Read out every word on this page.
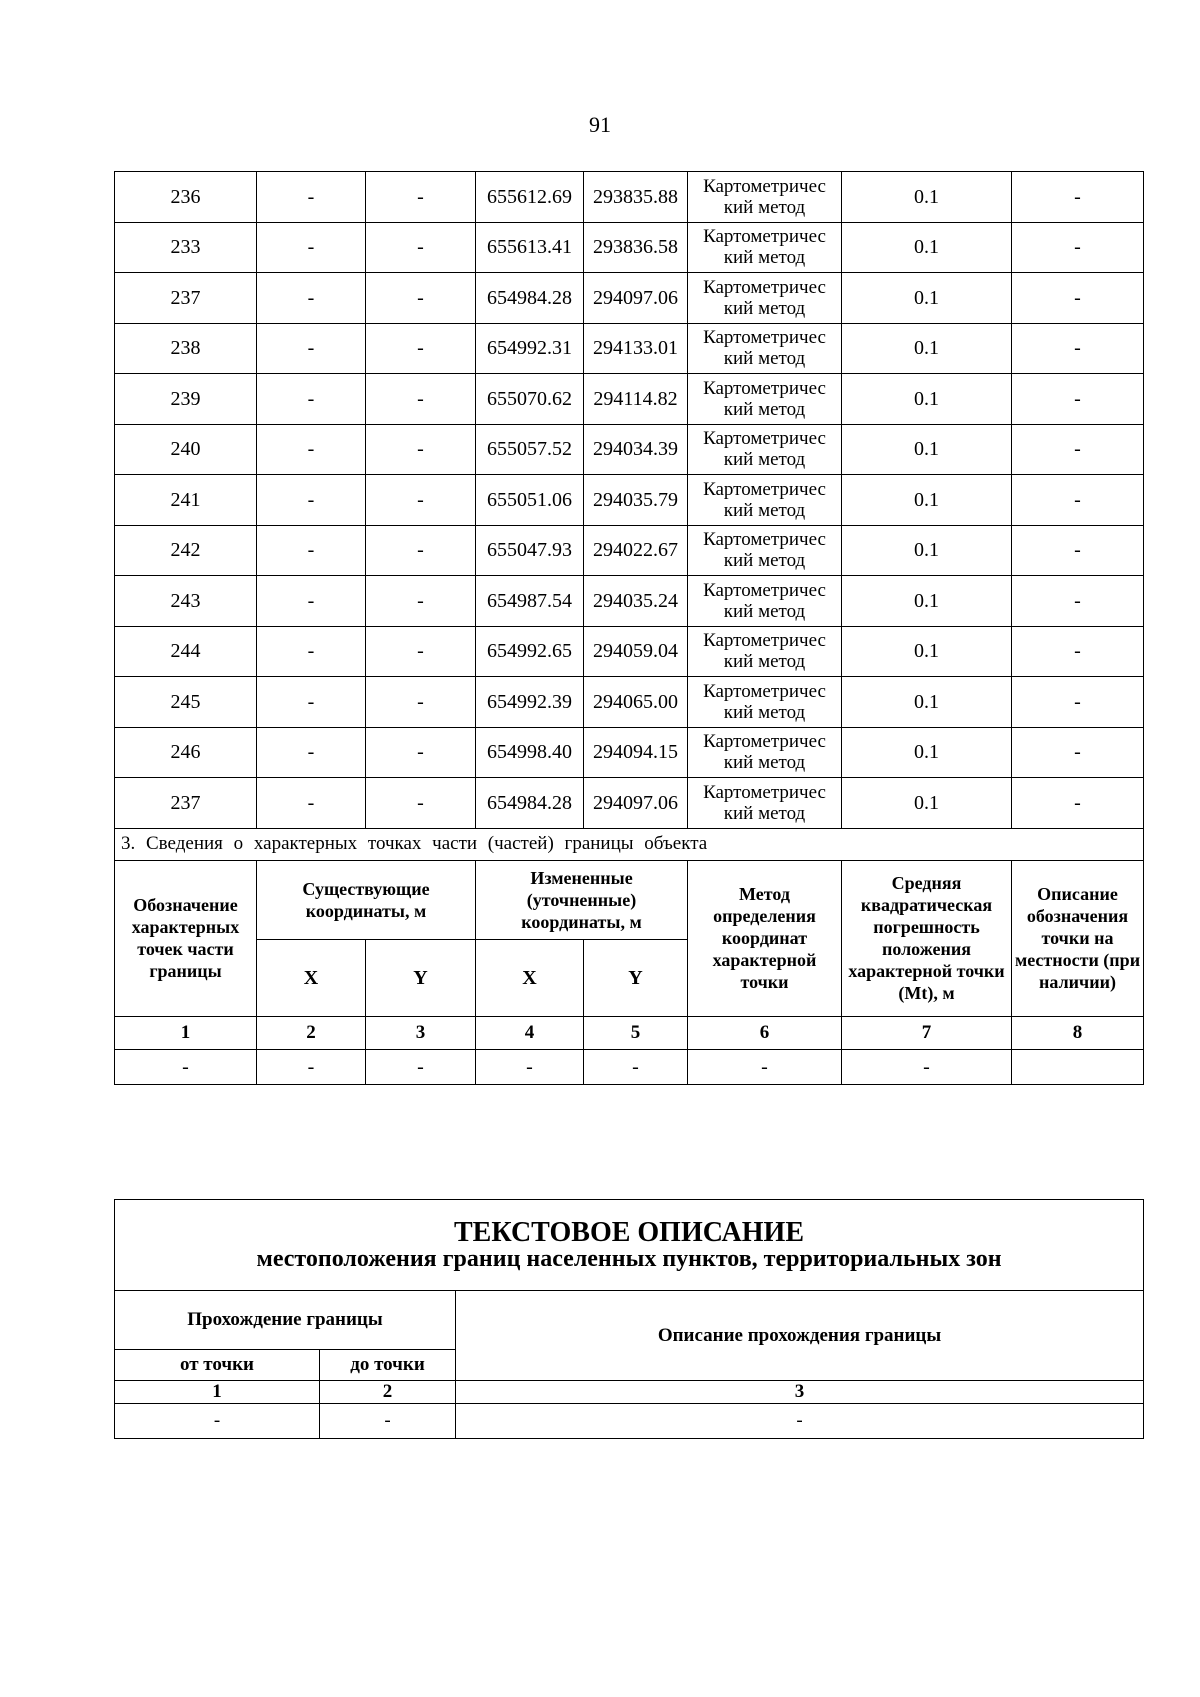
91
236	-	-	655612.69	293835.88	Картометричес кий метод	0.1	-
233	-	-	655613.41	293836.58	Картометричес кий метод	0.1	-
237	-	-	654984.28	294097.06	Картометричес кий метод	0.1	-
238	-	-	654992.31	294133.01	Картометричес кий метод	0.1	-
239	-	-	655070.62	294114.82	Картометричес кий метод	0.1	-
240	-	-	655057.52	294034.39	Картометричес кий метод	0.1	-
241	-	-	655051.06	294035.79	Картометричес кий метод	0.1	-
242	-	-	655047.93	294022.67	Картометричес кий метод	0.1	-
243	-	-	654987.54	294035.24	Картометричес кий метод	0.1	-
244	-	-	654992.65	294059.04	Картометричес кий метод	0.1	-
245	-	-	654992.39	294065.00	Картометричес кий метод	0.1	-
246	-	-	654998.40	294094.15	Картометричес кий метод	0.1	-
237	-	-	654984.28	294097.06	Картометричес кий метод	0.1	-
3. Сведения о характерных точках части (частей) границы объекта							
Обозначение характерных точек части границы	Существующие координаты, м		Измененные (уточненные) координаты, м		Метод определения координат характерной точки	Средняя квадратическая погрешность положения характерной точки (Mt), м	Описание обозначения точки на местности (при наличии)
	X	Y	X	Y			
1	2	3	4	5	6	7	8
-	-	-	-	-	-	-	
ТЕКСТОВОЕ ОПИСАНИЕ
местоположения границ населенных пунктов, территориальных зон		

Прохождение границы		Описание прохождения границы
от точки	до точки	
1	2	3
-	-	-
